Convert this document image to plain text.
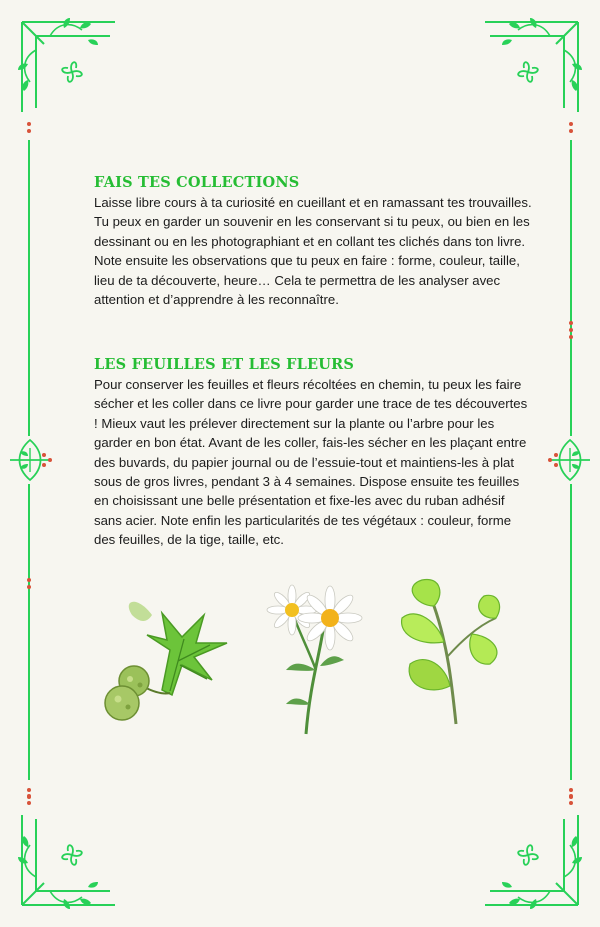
FAIS TES COLLECTIONS

Laisse libre cours à ta curiosité en cueillant et en ramassant tes trouvailles. Tu peux en garder un souvenir en les conservant si tu peux, ou bien en les dessinant ou en les photographiant et en collant tes clichés dans ton livre. Note ensuite les observations que tu peux en faire : forme, couleur, taille, lieu de ta découverte, heure… Cela te permettra de les analyser avec attention et d’apprendre à les reconnaître.

LES FEUILLES ET LES FLEURS

Pour conserver les feuilles et fleurs récoltées en chemin, tu peux les faire sécher et les coller dans ce livre pour garder une trace de tes découvertes ! Mieux vaut les prélever directement sur la plante ou l’arbre pour les garder en bon état. Avant de les coller, fais-les sécher en les plaçant entre des buvards, du papier journal ou de l’essuie-tout et maintiens-les à plat sous de gros livres, pendant 3 à 4 semaines. Dispose ensuite tes feuilles en choisissant une belle présentation et fixe-les avec du ruban adhésif sans acier. Note enfin les particularités de tes végétaux : couleur, forme des feuilles, de la tige, taille, etc.
